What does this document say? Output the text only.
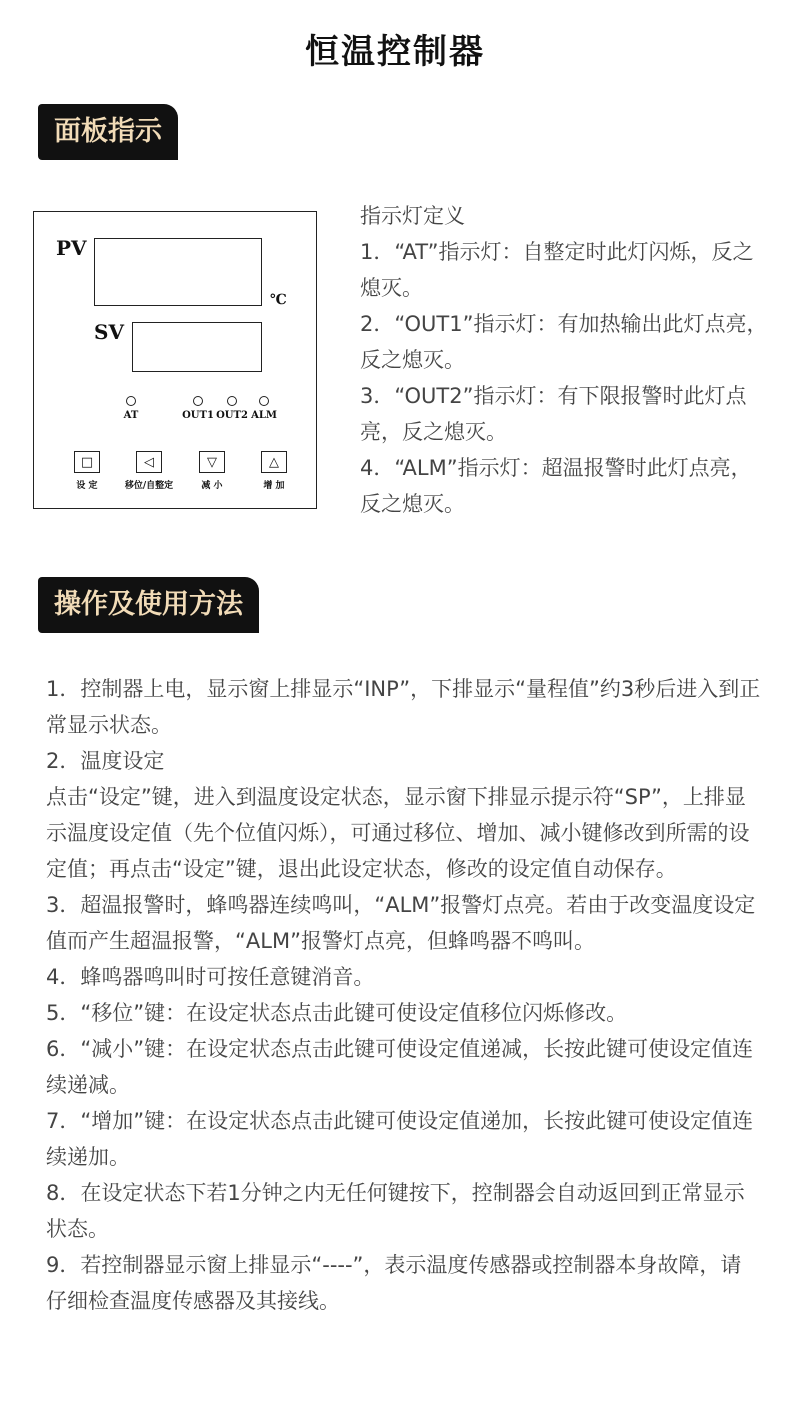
恒温控制器
面板指示
PV
℃
SV
AT	OUT1 OUT2 ALM
□
设 定
◁
移位/自整定
▽
减 小
△
增 加

指示灯定义

1．“AT”指示灯：自整定时此灯闪烁，反之熄灭。

2．“OUT1”指示灯：有加热输出此灯点亮，反之熄灭。

3．“OUT2”指示灯：有下限报警时此灯点亮，反之熄灭。

4．“ALM”指示灯：超温报警时此灯点亮，反之熄灭。

操作及使用方法

1．控制器上电，显示窗上排显示“INP”，下排显示“量程值”约3秒后进入到正常显示状态。

2．温度设定

点击“设定”键，进入到温度设定状态，显示窗下排显示提示符“SP”，上排显示温度设定值（先个位值闪烁），可通过移位、增加、减小键修改到所需的设定值；再点击“设定”键，退出此设定状态，修改的设定值自动保存。

3．超温报警时，蜂鸣器连续鸣叫，“ALM”报警灯点亮。若由于改变温度设定值而产生超温报警，“ALM”报警灯点亮，但蜂鸣器不鸣叫。

4．蜂鸣器鸣叫时可按任意键消音。

5．“移位”键：在设定状态点击此键可使设定值移位闪烁修改。

6．“减小”键：在设定状态点击此键可使设定值递减，长按此键可使设定值连续递减。

7．“增加”键：在设定状态点击此键可使设定值递加，长按此键可使设定值连续递加。

8．在设定状态下若1分钟之内无任何键按下，控制器会自动返回到正常显示状态。

9．若控制器显示窗上排显示“----”，表示温度传感器或控制器本身故障，请仔细检查温度传感器及其接线。
